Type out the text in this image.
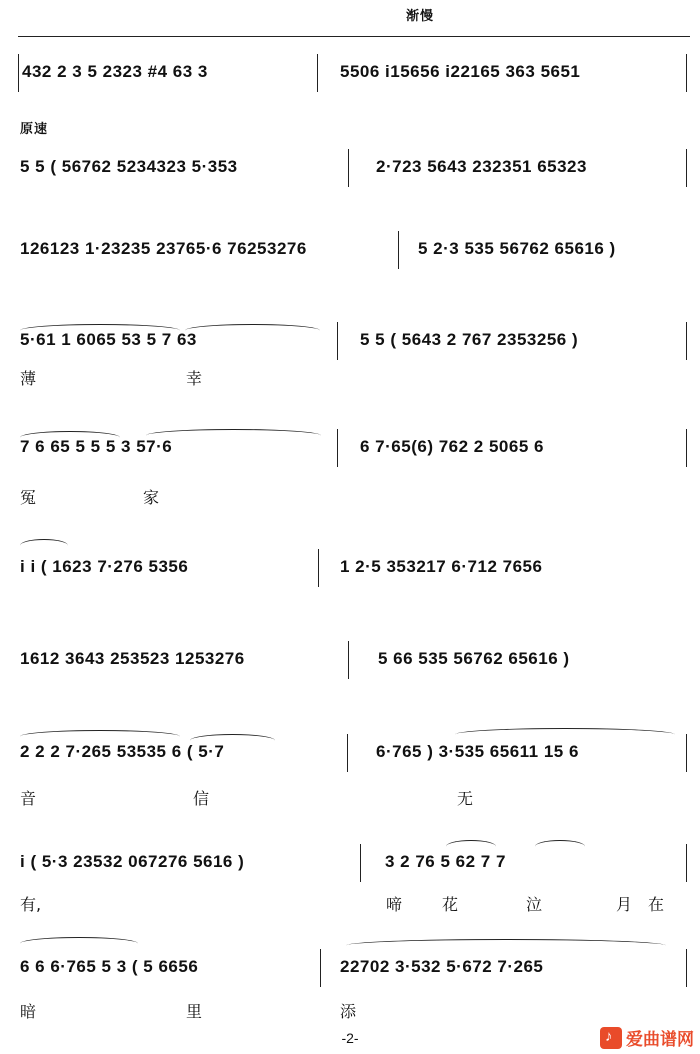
渐慢
原速
432 2 3 5 2323 #4 63 3	5506 i15656 i22165 363 5651
5 5 ( 56762 5234323 5·353	2·723 5643 232351 65323
126123 1·23235 23765·6 76253276	5 2·3 535 56762 65616 )
5·61 1 6065 53 5 7 63	5 5 ( 5643 2 767 2353256 )
薄	幸
7 6 65 5 5 5 3 57·6	6 7·65(6) 762 2 5065 6
冤	家
i i ( 1623 7·276 5356	1 2·5 353217 6·712 7656
1612 3643 253523 1253276	5 66 535 56762 65616 )
2 2 2 7·265 53535 6 ( 5·7	6·765 ) 3·535 65611 15 6
音	信	无
i ( 5·3 23532 067276 5616 )	3 2 76 5 62 7 7
有,	啼 花	泣	月 在
6 6 6·765 5 3 ( 5 6656	22702 3·532 5·672 7·265
暗	里	添
-2-
♪	爱曲谱网
